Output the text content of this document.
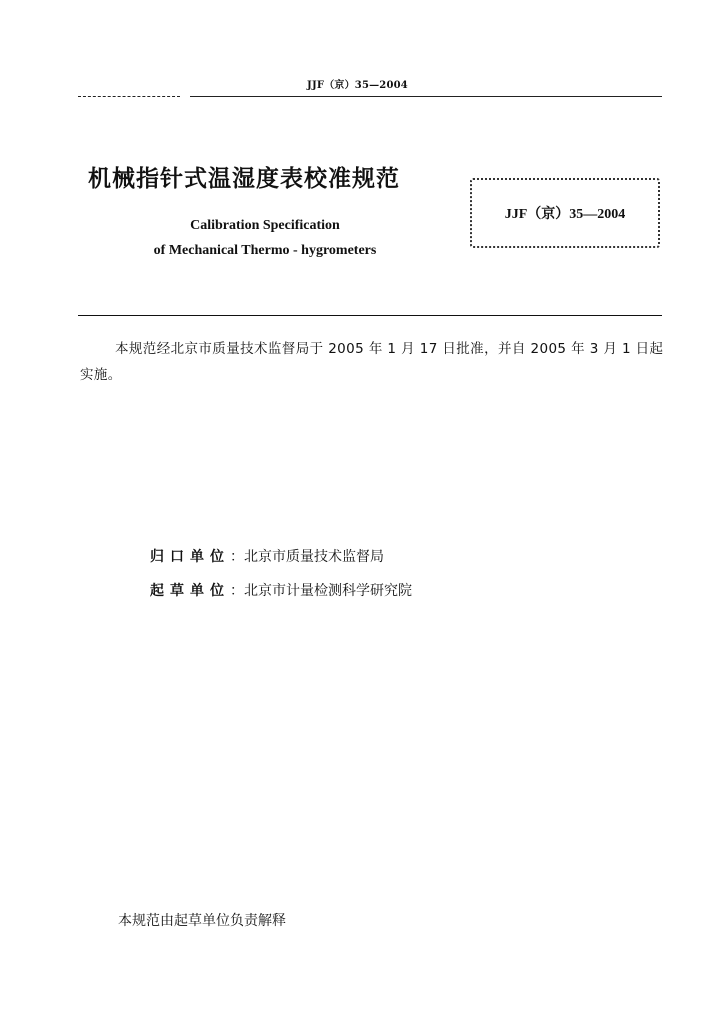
JJF（京）35—2004
机械指针式温湿度表校准规范
Calibration Specification
of Mechanical Thermo - hygrometers
JJF（京）35—2004
本规范经北京市质量技术监督局于 2005 年 1 月 17 日批准，并自 2005 年 3 月 1 日起实施。
归口单位：北京市质量技术监督局
起草单位：北京市计量检测科学研究院
本规范由起草单位负责解释
